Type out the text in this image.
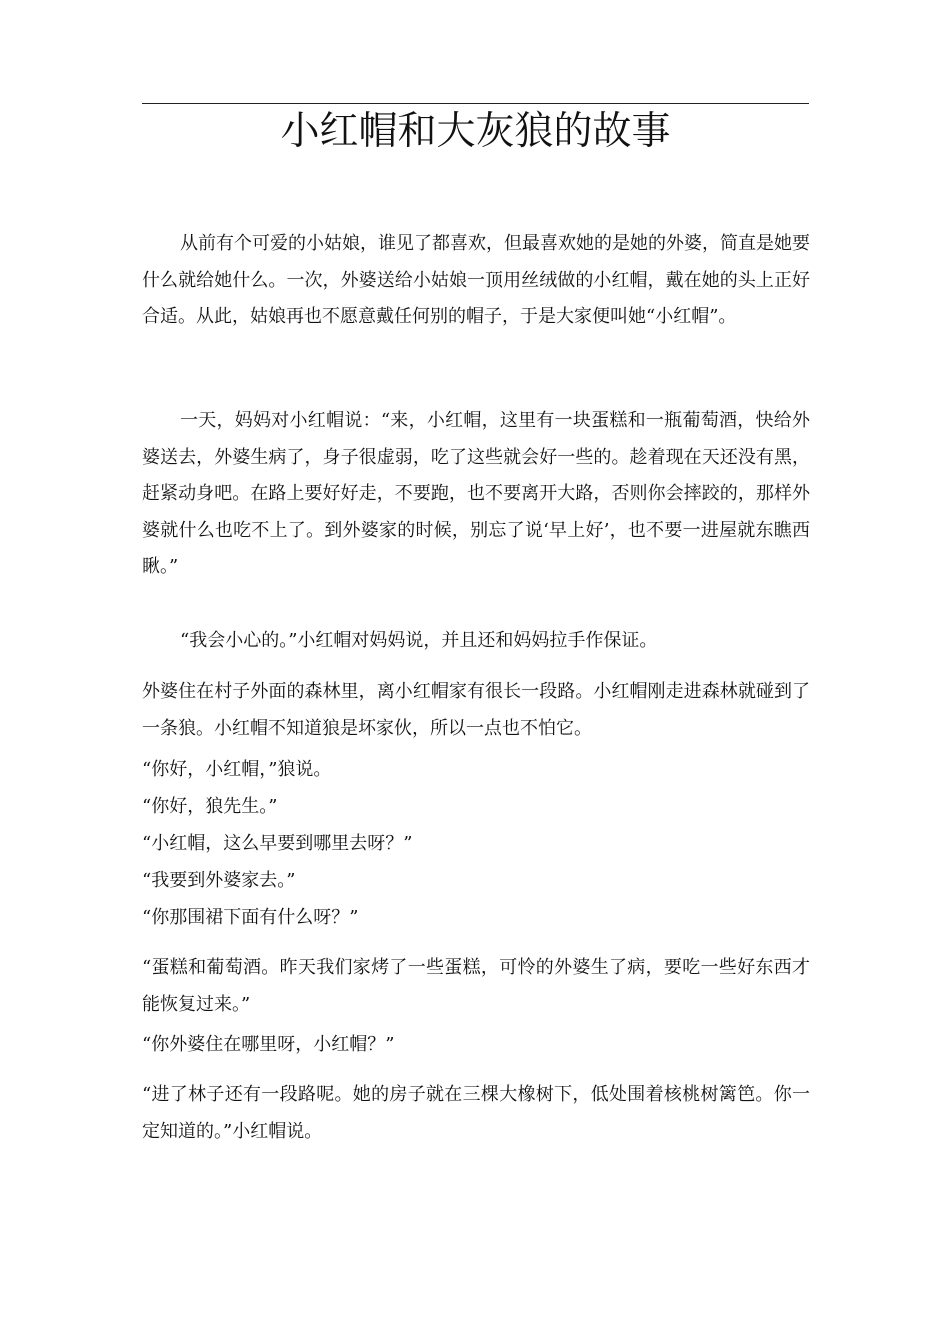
小红帽和大灰狼的故事

从前有个可爱的小姑娘，谁见了都喜欢，但最喜欢她的是她的外婆，简直是她要什么就给她什么。一次，外婆送给小姑娘一顶用丝绒做的小红帽，戴在她的头上正好合适。从此，姑娘再也不愿意戴任何别的帽子，于是大家便叫她“小红帽”。

一天，妈妈对小红帽说：“来，小红帽，这里有一块蛋糕和一瓶葡萄酒，快给外婆送去，外婆生病了，身子很虚弱，吃了这些就会好一些的。趁着现在天还没有黑，赶紧动身吧。在路上要好好走，不要跑，也不要离开大路，否则你会摔跤的，那样外婆就什么也吃不上了。到外婆家的时候，别忘了说‘早上好’，也不要一进屋就东瞧西瞅。”

“我会小心的。”小红帽对妈妈说，并且还和妈妈拉手作保证。

外婆住在村子外面的森林里，离小红帽家有很长一段路。小红帽刚走进森林就碰到了一条狼。小红帽不知道狼是坏家伙，所以一点也不怕它。

“你好，小红帽，”狼说。

“你好，狼先生。”

“小红帽，这么早要到哪里去呀？”

“我要到外婆家去。”

“你那围裙下面有什么呀？”

“蛋糕和葡萄酒。昨天我们家烤了一些蛋糕，可怜的外婆生了病，要吃一些好东西才能恢复过来。”

“你外婆住在哪里呀，小红帽？”

“进了林子还有一段路呢。她的房子就在三棵大橡树下，低处围着核桃树篱笆。你一定知道的。”小红帽说。
